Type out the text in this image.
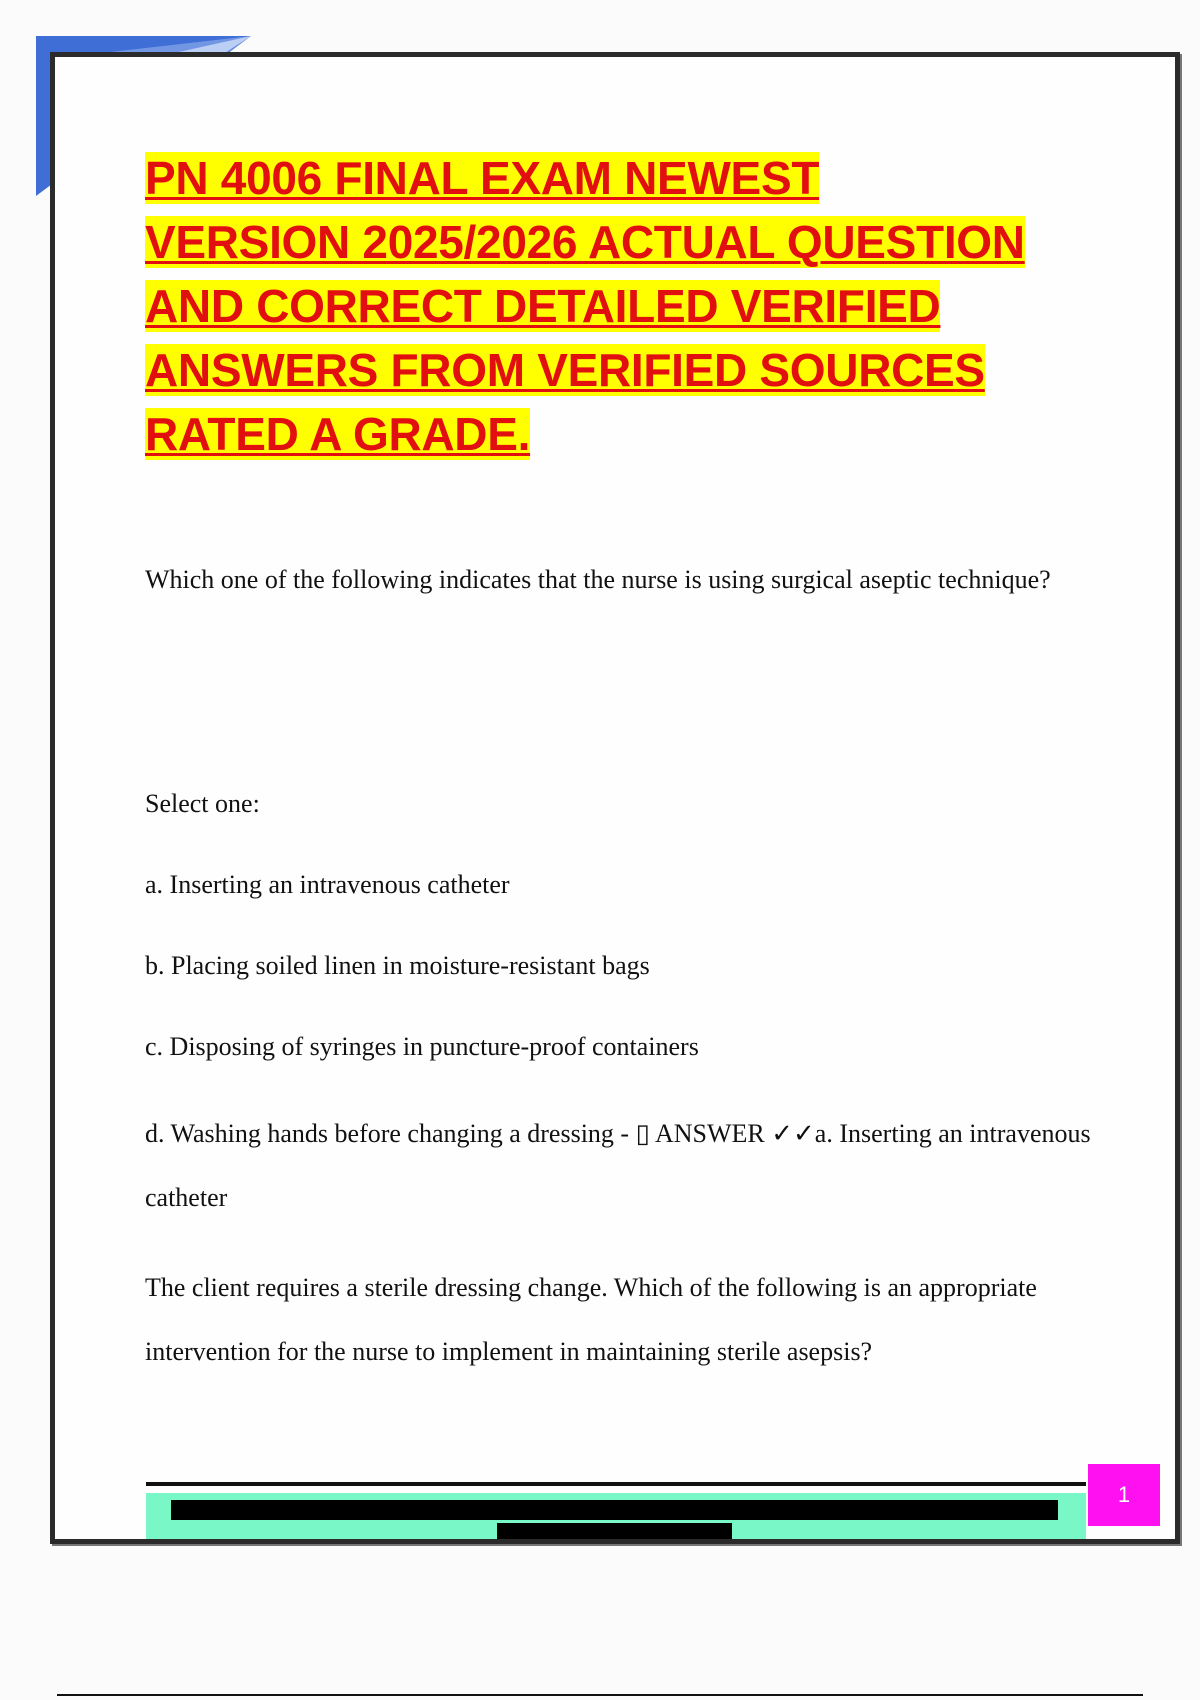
PN 4006 FINAL EXAM NEWEST
VERSION 2025/2026 ACTUAL QUESTION
AND CORRECT DETAILED VERIFIED
ANSWERS FROM VERIFIED SOURCES
RATED A GRADE.

Which one of the following indicates that the nurse is using surgical aseptic technique?

Select one:

a. Inserting an intravenous catheter

b. Placing soiled linen in moisture-resistant bags

c. Disposing of syringes in puncture-proof containers

d. Washing hands before changing a dressing - ▯ ANSWER ✓✓a. Inserting an intravenous catheter

The client requires a sterile dressing change. Which of the following is an appropriate intervention for the nurse to implement in maintaining sterile asepsis?

1
